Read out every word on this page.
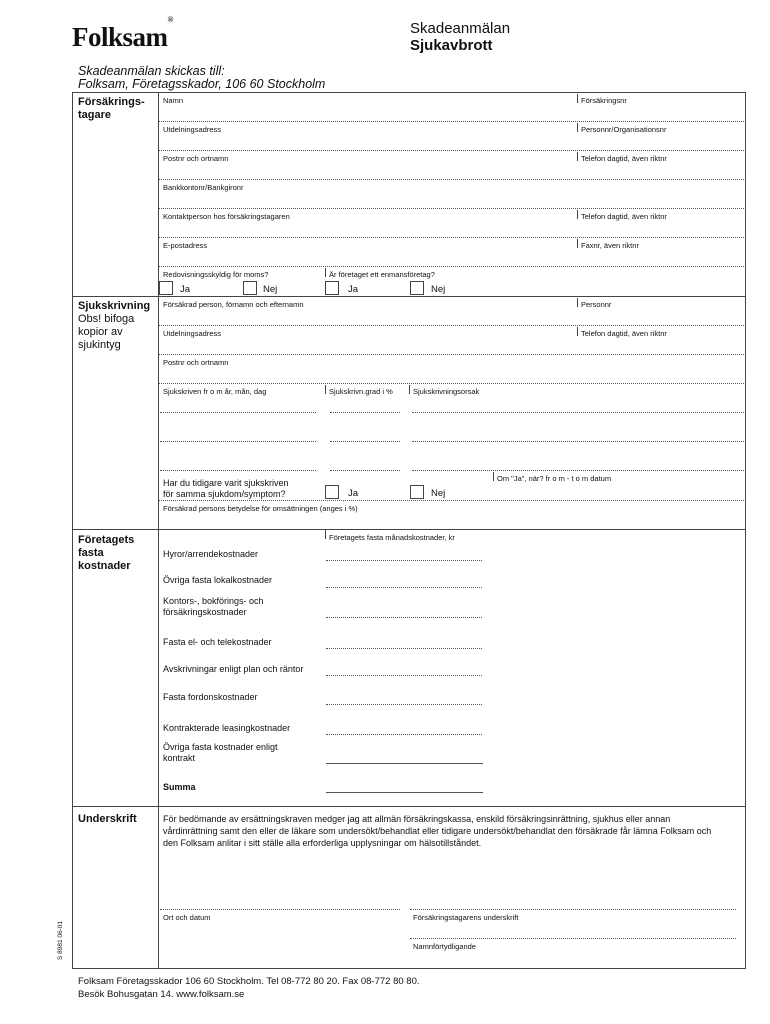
Folksam®
Skadeanmälan
Sjukavbrott
Skadeanmälan skickas till:
Folksam, Företagsskador, 106 60 Stockholm
Försäkrings-
tagare
Namn	Försäkringsnr
Utdelningsadress	Personnr/Organisationsnr
Postnr och ortnamn	Telefon dagtid, även riktnr
Bankkontonr/Bankgironr
Kontaktperson hos försäkringstagaren	Telefon dagtid, även riktnr
E-postadress	Faxnr, även riktnr
Redovisningsskyldig för moms?	Är företaget ett enmansföretag?
Ja	Nej	Ja	Nej
Sjukskrivning
Obs! bifoga
kopior av
sjukintyg
Försäkrad person, förnamn och efternamn	Personnr
Utdelningsadress	Telefon dagtid, även riktnr
Postnr och ortnamn
Sjukskriven fr o m år, mån, dag	Sjukskrivn.grad i %	Sjukskrivningsorsak
Har du tidigare varit sjukskriven
för samma sjukdom/symptom?
Om "Ja", när? fr o m - t o m datum
Ja	Nej
Försäkrad persons betydelse för omsättningen (anges i %)
Företagets
fasta
kostnader
Företagets fasta månadskostnader, kr
Hyror/arrendekostnader
Övriga fasta lokalkostnader
Kontors-, bokförings- och
försäkringskostnader
Fasta el- och telekostnader
Avskrivningar enligt plan och räntor
Fasta fordonskostnader
Kontrakterade leasingkostnader
Övriga fasta kostnader enligt
kontrakt
Summa
Underskrift	För bedömande av ersättningskraven medger jag att allmän försäkringskassa, enskild försäkringsinrättning, sjukhus eller annan vårdinrättning samt den eller de läkare som undersökt/behandlat eller tidigare undersökt/behandlat den försäkrade får lämna Folksam och den Folksam anlitar i sitt ställe alla erforderliga upplysningar om hälsotillståndet.
Ort och datum	Försäkringstagarens underskrift
Namnförtydligande
S 8981 06-01
Folksam Företagsskador 106 60 Stockholm. Tel 08-772 80 20. Fax 08-772 80 80.
Besök Bohusgatan 14. www.folksam.se
